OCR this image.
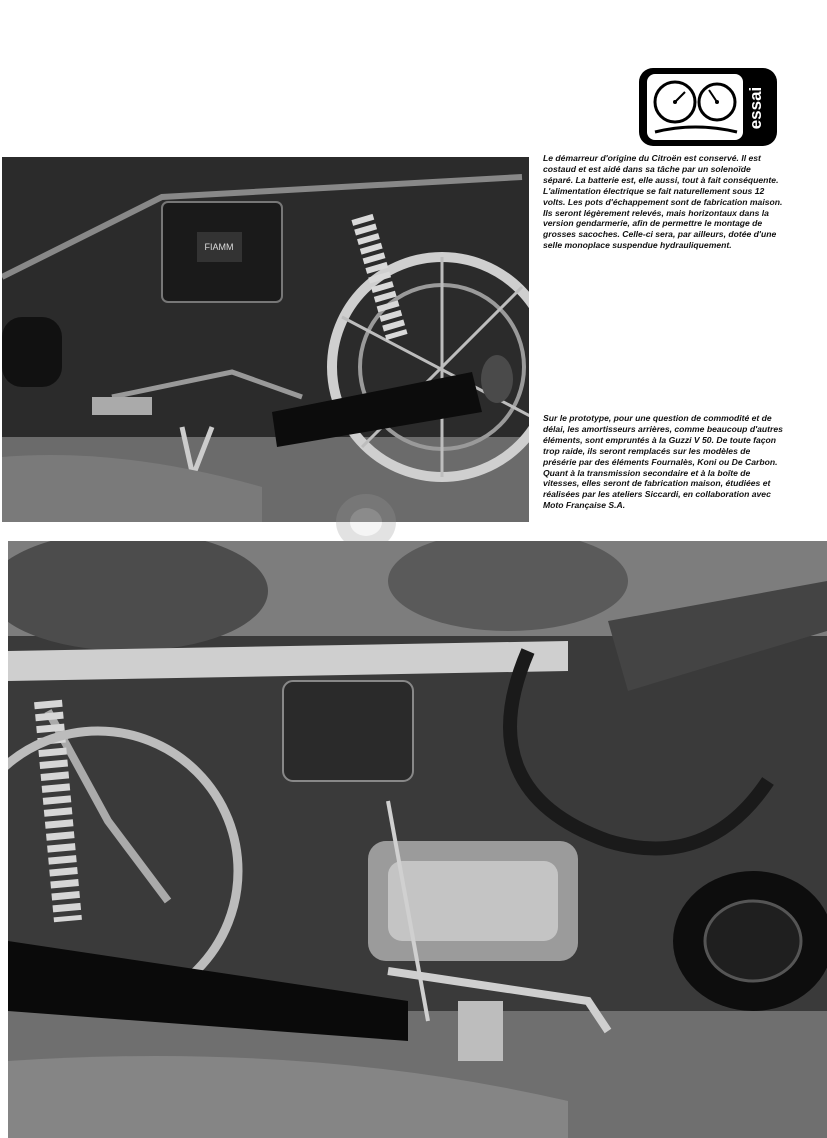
essai
FIAMM
Le démarreur d'origine du Citroën est conservé. Il est costaud et est aidé dans sa tâche par un solenoïde séparé. La batterie est, elle aussi, tout à fait conséquente. L'alimentation électrique se fait naturellement sous 12 volts. Les pots d'échappement sont de fabrication maison. Ils seront légèrement relevés, mais horizontaux dans la version gendarmerie, afin de permettre le montage de grosses sacoches. Celle-ci sera, par ailleurs, dotée d'une selle monoplace suspendue hydrauliquement.
Sur le prototype, pour une question de commodité et de délai, les amortisseurs arrières, comme beaucoup d'autres éléments, sont empruntés à la Guzzi V 50. De toute façon trop raide, ils seront remplacés sur les modèles de présérie par des éléments Fournalès, Koni ou De Carbon. Quant à la transmission secondaire et à la boîte de vitesses, elles seront de fabrication maison, étudiées et réalisées par les ateliers Siccardi, en collaboration avec Moto Française S.A.
